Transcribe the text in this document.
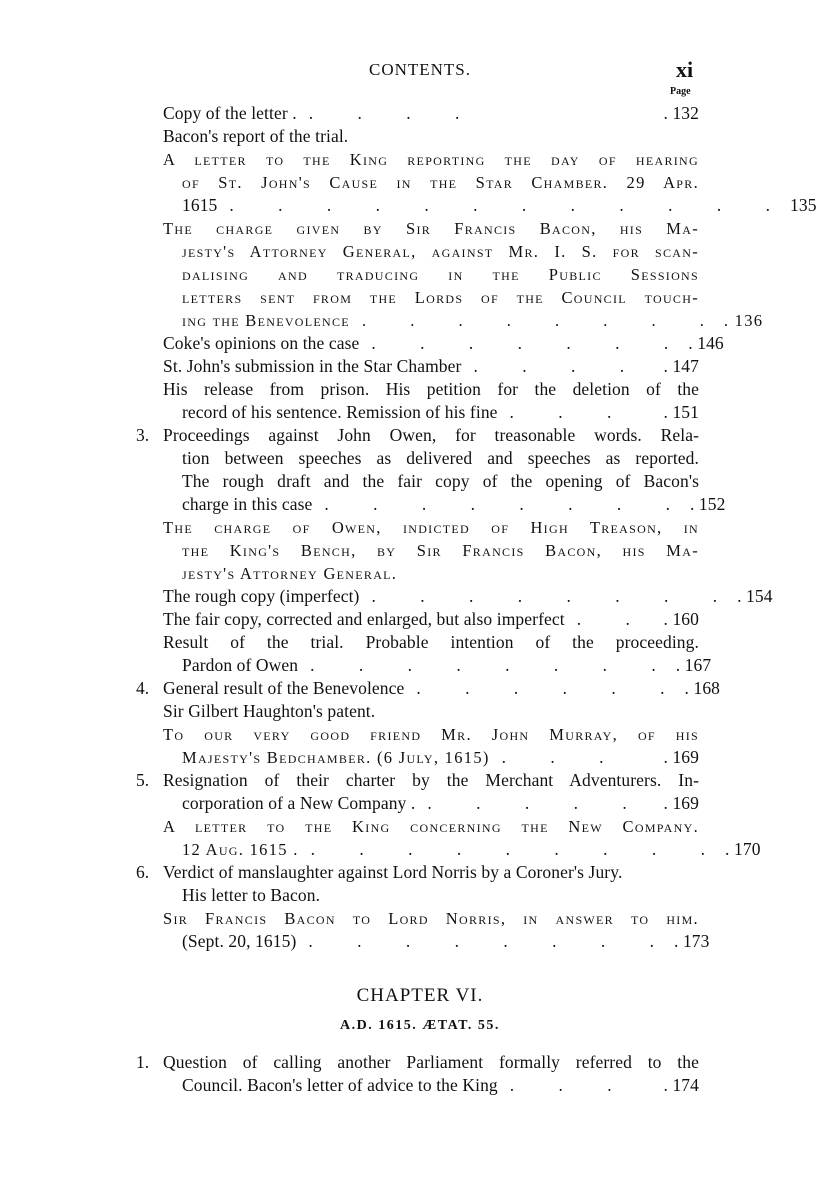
CONTENTS.	xi
Page
Copy of the letter . . . . .	. 132
Bacon's report of the trial.
A letter to the King reporting the day of hearing
of St. John's Cause in the Star Chamber. 29 Apr.
1615 . . . . . . . . . . . . 135
The charge given by Sir Francis Bacon, his Ma-
jesty's Attorney General, against Mr. I. S. for scan-
dalising and traducing in the Public Sessions
letters sent from the Lords of the Council touch-
ing the Benevolence . . . . . . . . . 136
Coke's opinions on the case . . . . . . . . 146
St. John's submission in the Star Chamber . . . .	. 147
His release from prison. His petition for the deletion of the
record of his sentence. Remission of his fine . . .	. 151
3. Proceedings against John Owen, for treasonable words. Rela-
tion between speeches as delivered and speeches as reported.
The rough draft and the fair copy of the opening of Bacon's
charge in this case . . . . . . . . . 152
The charge of Owen, indicted of High Treason, in
the King's Bench, by Sir Francis Bacon, his Ma-
jesty's Attorney General.
The rough copy (imperfect) . . . . . . . . . 154
The fair copy, corrected and enlarged, but also imperfect . . . 160
Result of the trial. Probable intention of the proceeding.
Pardon of Owen . . . . . . . . . 167
4. General result of the Benevolence . . . . . . . 168
Sir Gilbert Haughton's patent.
To our very good friend Mr. John Murray, of his
Majesty's Bedchamber. (6 July, 1615) . . .	. 169
5. Resignation of their charter by the Merchant Adventurers. In-
corporation of a New Company . . . . . . . 169
A letter to the King concerning the New Company.
12 Aug. 1615 . . . . . . . . . . . 170
6. Verdict of manslaughter against Lord Norris by a Coroner's Jury.
His letter to Bacon.
Sir Francis Bacon to Lord Norris, in answer to him.
(Sept. 20, 1615) . . . . . . . . . 173
CHAPTER VI.
A.D. 1615. ÆTAT. 55.
1. Question of calling another Parliament formally referred to the
Council. Bacon's letter of advice to the King . . .	. 174
